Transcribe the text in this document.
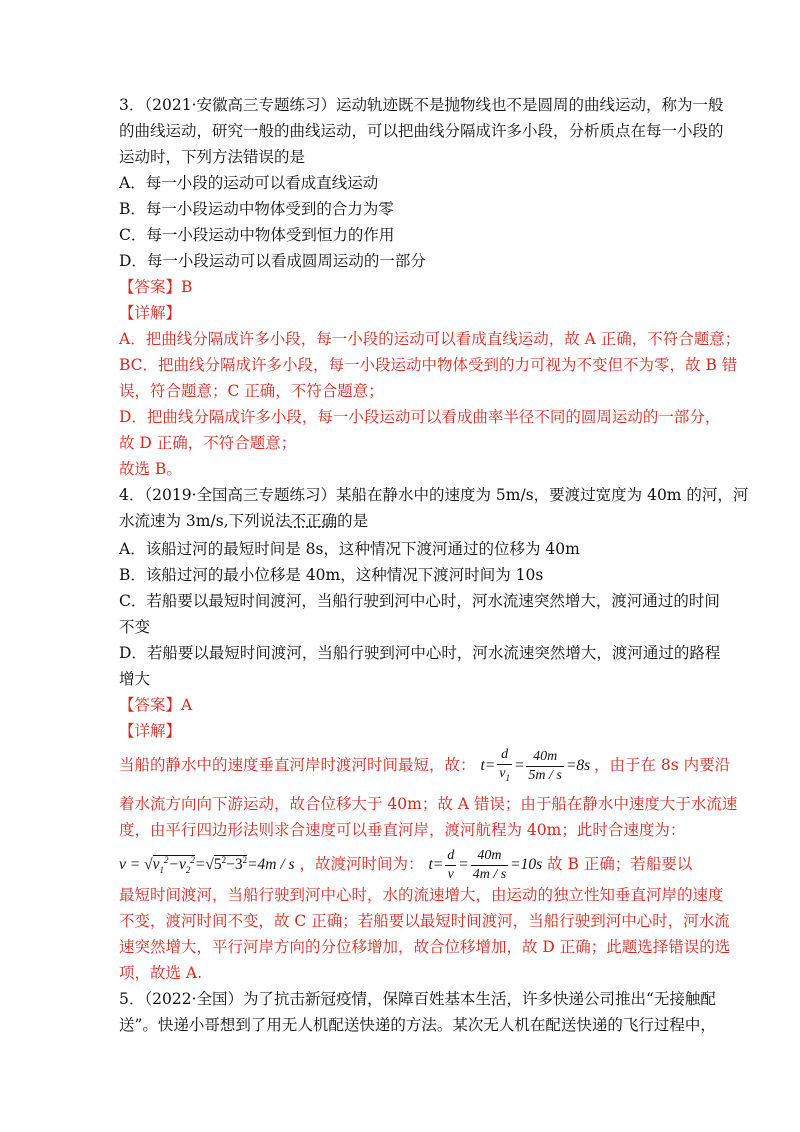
3．（2021·安徽高三专题练习）运动轨迹既不是抛物线也不是圆周的曲线运动，称为一般
的曲线运动，研究一般的曲线运动，可以把曲线分隔成许多小段，分析质点在每一小段的
运动时，下列方法错误的是
A．每一小段的运动可以看成直线运动
B．每一小段运动中物体受到的合力为零
C．每一小段运动中物体受到恒力的作用
D．每一小段运动可以看成圆周运动的一部分
【答案】B
【详解】
A．把曲线分隔成许多小段，每一小段的运动可以看成直线运动，故 A 正确，不符合题意；
BC．把曲线分隔成许多小段，每一小段运动中物体受到的力可视为不变但不为零，故 B 错
误，符合题意；C 正确，不符合题意；
D．把曲线分隔成许多小段，每一小段运动可以看成曲率半径不同的圆周运动的一部分，
故 D 正确，不符合题意；
故选 B。
4．（2019·全国高三专题练习）某船在静水中的速度为 5m/s，要渡过宽度为 40m 的河，河
水流速为 3m/s,下列说法不正确的是
A．该船过河的最短时间是 8s，这种情况下渡河通过的位移为 40m
B．该船过河的最小位移是 40m，这种情况下渡河时间为 10s
C．若船要以最短时间渡河，当船行驶到河中心时，河水流速突然增大，渡河通过的时间
不变
D．若船要以最短时间渡河，当船行驶到河中心时，河水流速突然增大，渡河通过的路程
增大
【答案】A
【详解】
当船的静水中的速度垂直河岸时渡河时间最短，故： $t= \frac{d}{v_1} = \frac{40m}{5m / s} =8s$ ，由于在 8s 内要沿
着水流方向向下游运动，故合位移大于 40m；故 A 错误；由于船在静水中速度大于水流速
度，由平行四边形法则求合速度可以垂直河岸，渡河航程为 40m；此时合速度为：
$v = √v_1^2-v_2^2=√5^2-3^2=4m / s$ ，故渡河时间为： $t= \frac{d}{v} = \frac{40m}{4m / s} =10s$ 故 B 正确；若船要以
最短时间渡河，当船行驶到河中心时，水的流速增大，由运动的独立性知垂直河岸的速度
不变，渡河时间不变，故 C 正确；若船要以最短时间渡河，当船行驶到河中心时，河水流
速突然增大，平行河岸方向的分位移增加，故合位移增加，故 D 正确；此题选择错误的选
项，故选 A.
5．（2022·全国）为了抗击新冠疫情，保障百姓基本生活，许多快递公司推出“无接触配
送”。快递小哥想到了用无人机配送快递的方法。某次无人机在配送快递的飞行过程中，
